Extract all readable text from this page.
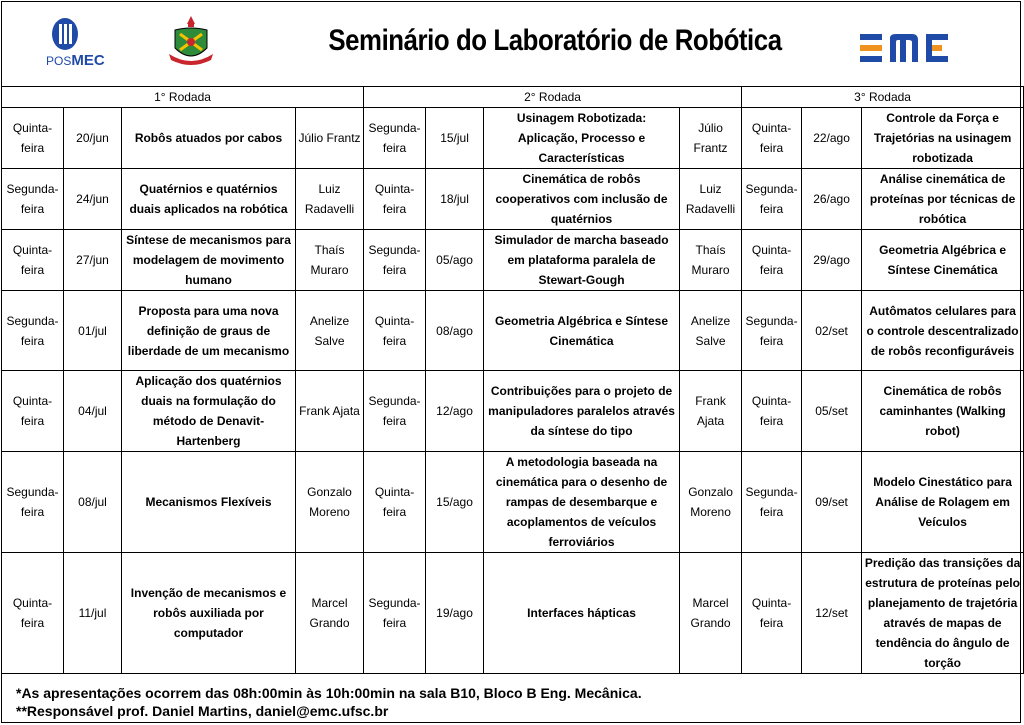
POSMEC
Seminário do Laboratório de Robótica
1° Rodada				2° Rodada				3° Rodada		
Quinta-feira	20/jun	Robôs atuados por cabos	Júlio Frantz	Segunda-feira	15/jul	Usinagem Robotizada: Aplicação, Processo e Características	Júlio Frantz	Quinta-feira	22/ago	Controle da Força e Trajetórias na usinagem robotizada
Segunda-feira	24/jun	Quatérnios e quatérnios duais aplicados na robótica	Luiz Radavelli	Quinta-feira	18/jul	Cinemática de robôs cooperativos com inclusão de quatérnios	Luiz Radavelli	Segunda-feira	26/ago	Análise cinemática de proteínas por técnicas de robótica
Quinta-feira	27/jun	Síntese de mecanismos para modelagem de movimento humano	Thaís Muraro	Segunda-feira	05/ago	Simulador de marcha baseado em plataforma paralela de Stewart-Gough	Thaís Muraro	Quinta-feira	29/ago	Geometria Algébrica e Síntese Cinemática
Segunda-feira	01/jul	Proposta para uma nova definição de graus de liberdade de um mecanismo	Anelize Salve	Quinta-feira	08/ago	Geometria Algébrica e Síntese Cinemática	Anelize Salve	Segunda-feira	02/set	Autômatos celulares para o controle descentralizado de robôs reconfiguráveis
Quinta-feira	04/jul	Aplicação dos quatérnios duais na formulação do método de Denavit-Hartenberg	Frank Ajata	Segunda-feira	12/ago	Contribuições para o projeto de manipuladores paralelos através da síntese do tipo	Frank Ajata	Quinta-feira	05/set	Cinemática de robôs caminhantes (Walking robot)
Segunda-feira	08/jul	Mecanismos Flexíveis	Gonzalo Moreno	Quinta-feira	15/ago	A metodologia baseada na cinemática para o desenho de rampas de desembarque e acoplamentos de veículos ferroviários	Gonzalo Moreno	Segunda-feira	09/set	Modelo Cinestático para Análise de Rolagem em Veículos
Quinta-feira	11/jul	Invenção de mecanismos e robôs auxiliada por computador	Marcel Grando	Segunda-feira	19/ago	Interfaces hápticas	Marcel Grando	Quinta-feira	12/set	Predição das transições da estrutura de proteínas pelo planejamento de trajetória através de mapas de tendência do ângulo de torção
*As apresentações ocorrem das 08h:00min às 10h:00min na sala B10, Bloco B Eng. Mecânica.
**Responsável prof. Daniel Martins, daniel@emc.ufsc.br
